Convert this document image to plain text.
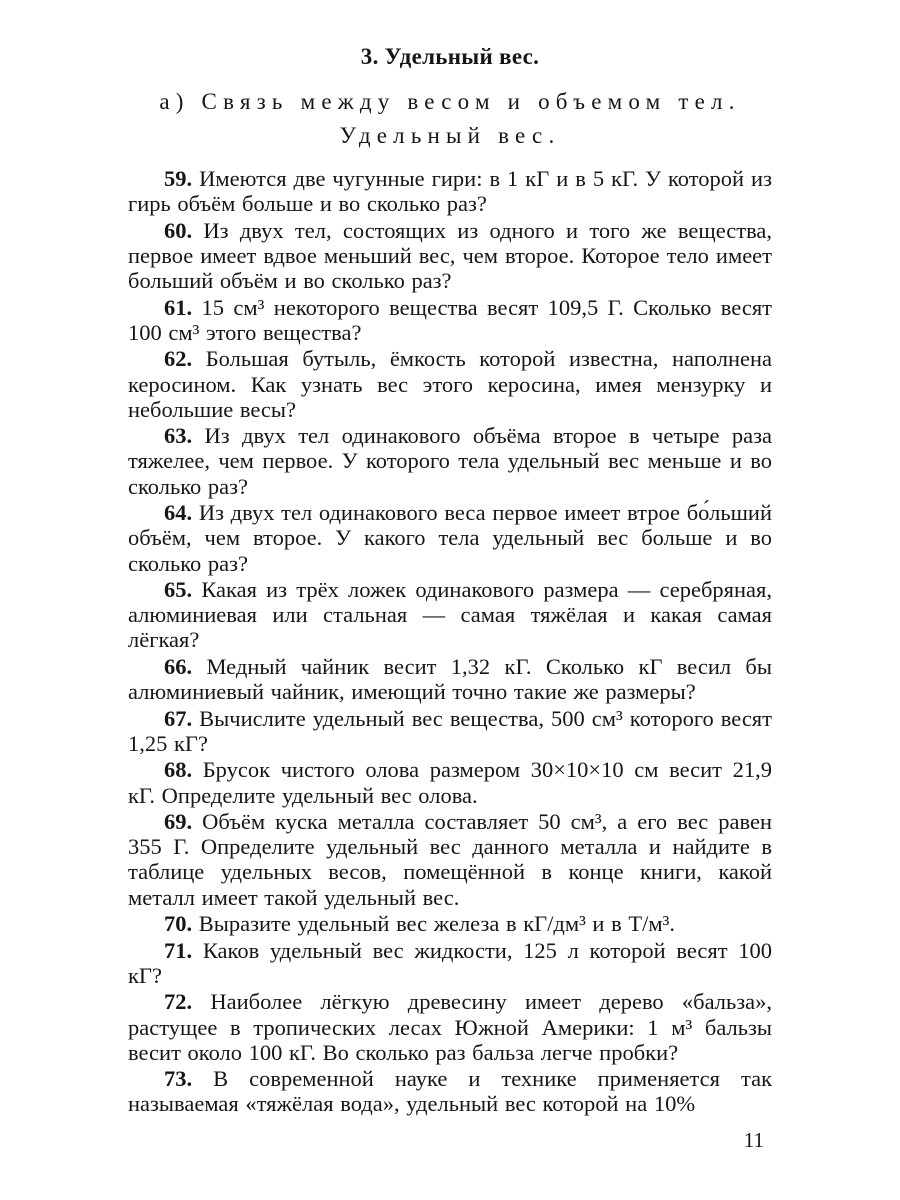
3. Удельный вес.
а) Связь между весом и объемом тел.
Удельный вес.
59. Имеются две чугунные гири: в 1 кГ и в 5 кГ. У которой из гирь объём больше и во сколько раз?
60. Из двух тел, состоящих из одного и того же вещества, первое имеет вдвое меньший вес, чем второе. Которое тело имеет больший объём и во сколько раз?
61. 15 см³ некоторого вещества весят 109,5 Г. Сколько весят 100 см³ этого вещества?
62. Большая бутыль, ёмкость которой известна, наполнена керосином. Как узнать вес этого керосина, имея мензурку и небольшие весы?
63. Из двух тел одинакового объёма второе в четыре раза тяжелее, чем первое. У которого тела удельный вес меньше и во сколько раз?
64. Из двух тел одинакового веса первое имеет втрое бо́льший объём, чем второе. У какого тела удельный вес больше и во сколько раз?
65. Какая из трёх ложек одинакового размера — серебряная, алюминиевая или стальная — самая тяжёлая и какая самая лёгкая?
66. Медный чайник весит 1,32 кГ. Сколько кГ весил бы алюминиевый чайник, имеющий точно такие же размеры?
67. Вычислите удельный вес вещества, 500 см³ которого весят 1,25 кГ?
68. Брусок чистого олова размером 30×10×10 см весит 21,9 кГ. Определите удельный вес олова.
69. Объём куска металла составляет 50 см³, а его вес равен 355 Г. Определите удельный вес данного металла и найдите в таблице удельных весов, помещённой в конце книги, какой металл имеет такой удельный вес.
70. Выразите удельный вес железа в кГ/дм³ и в Т/м³.
71. Каков удельный вес жидкости, 125 л которой весят 100 кГ?
72. Наиболее лёгкую древесину имеет дерево «бальза», растущее в тропических лесах Южной Америки: 1 м³ бальзы весит около 100 кГ. Во сколько раз бальза легче пробки?
73. В современной науке и технике применяется так называемая «тяжёлая вода», удельный вес которой на 10%
11
